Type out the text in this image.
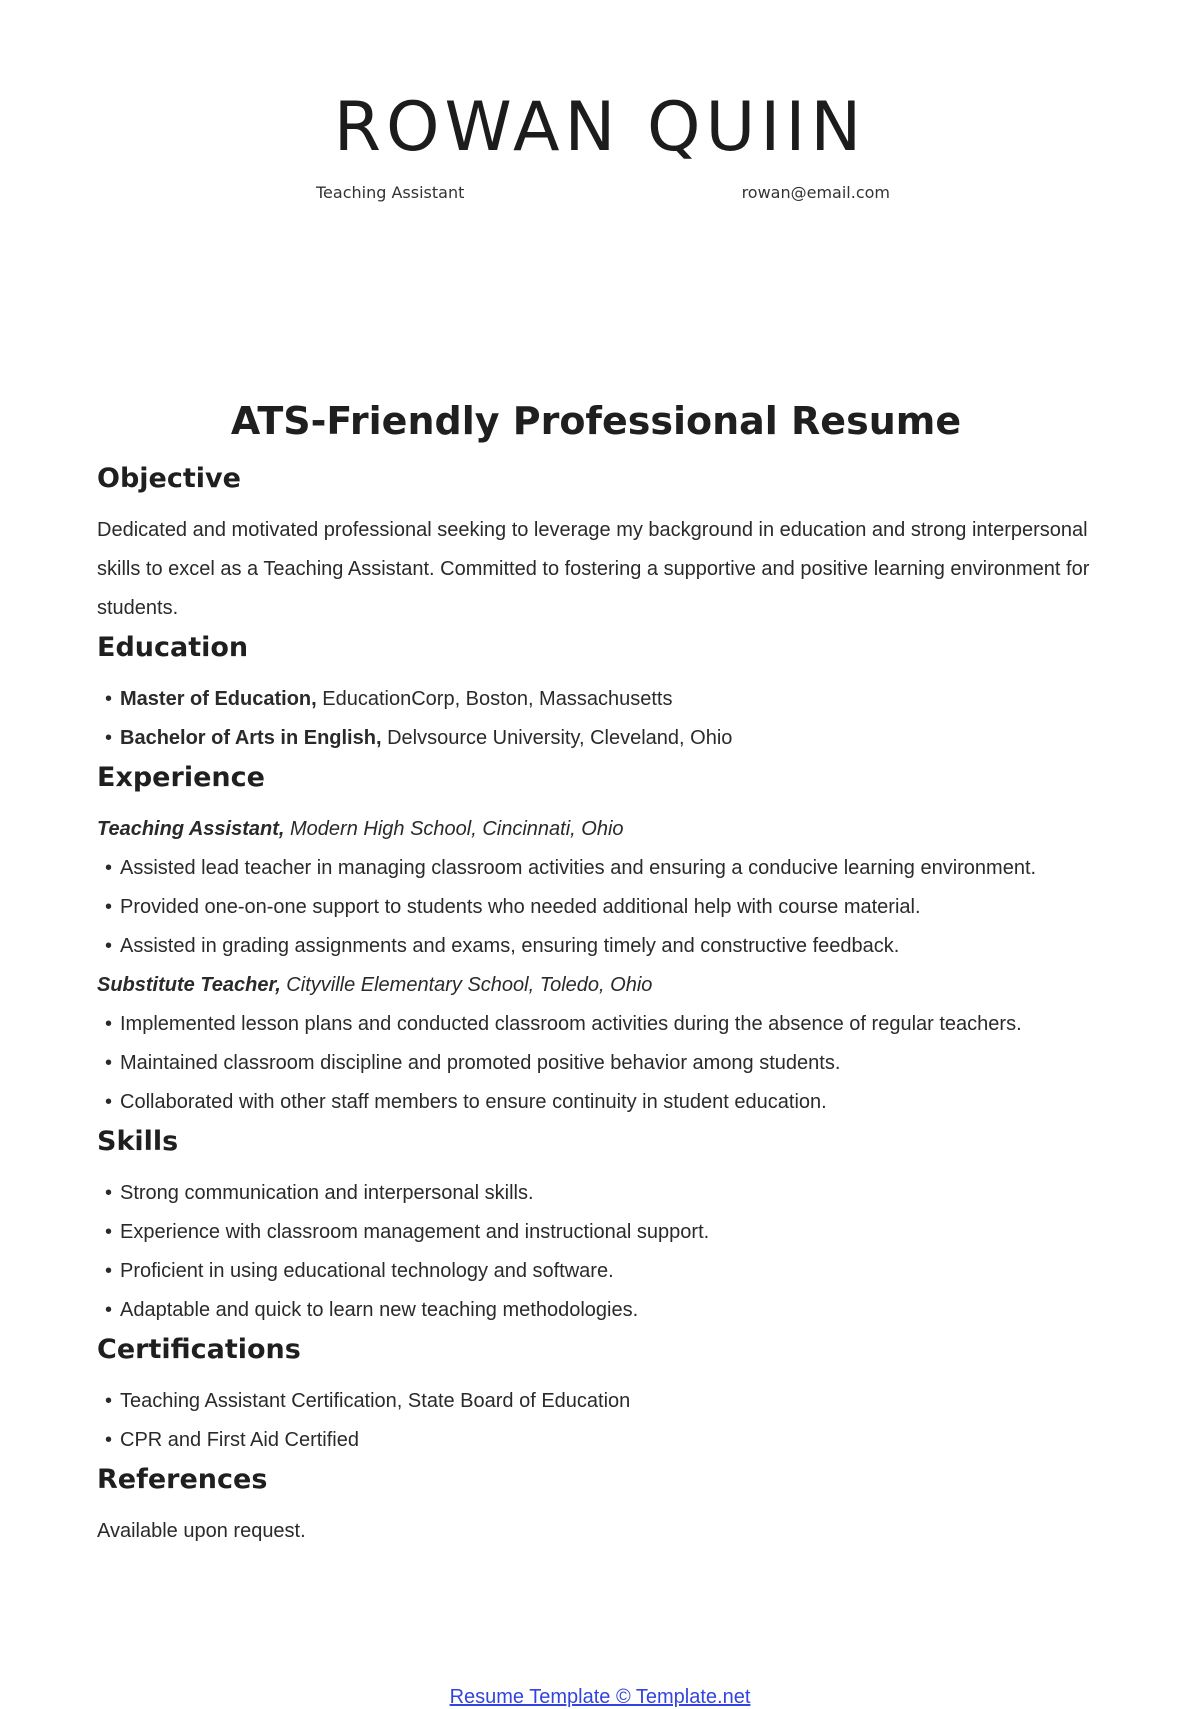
ROWAN QUIIN
Teaching Assistant	rowan@email.com
ATS-Friendly Professional Resume
Objective

Dedicated and motivated professional seeking to leverage my background in education and strong interpersonal skills to excel as a Teaching Assistant. Committed to fostering a supportive and positive learning environment for students.

Education
• Master of Education, EducationCorp, Boston, Massachusetts
• Bachelor of Arts in English, Delvsource University, Cleveland, Ohio
Experience

Teaching Assistant, Modern High School, Cincinnati, Ohio

• Assisted lead teacher in managing classroom activities and ensuring a conducive learning environment.
• Provided one-on-one support to students who needed additional help with course material.
• Assisted in grading assignments and exams, ensuring timely and constructive feedback.

Substitute Teacher, Cityville Elementary School, Toledo, Ohio

• Implemented lesson plans and conducted classroom activities during the absence of regular teachers.
• Maintained classroom discipline and promoted positive behavior among students.
• Collaborated with other staff members to ensure continuity in student education.
Skills
• Strong communication and interpersonal skills.
• Experience with classroom management and instructional support.
• Proficient in using educational technology and software.
• Adaptable and quick to learn new teaching methodologies.
Certifications
• Teaching Assistant Certification, State Board of Education
• CPR and First Aid Certified
References

Available upon request.

Resume Template © Template.net
